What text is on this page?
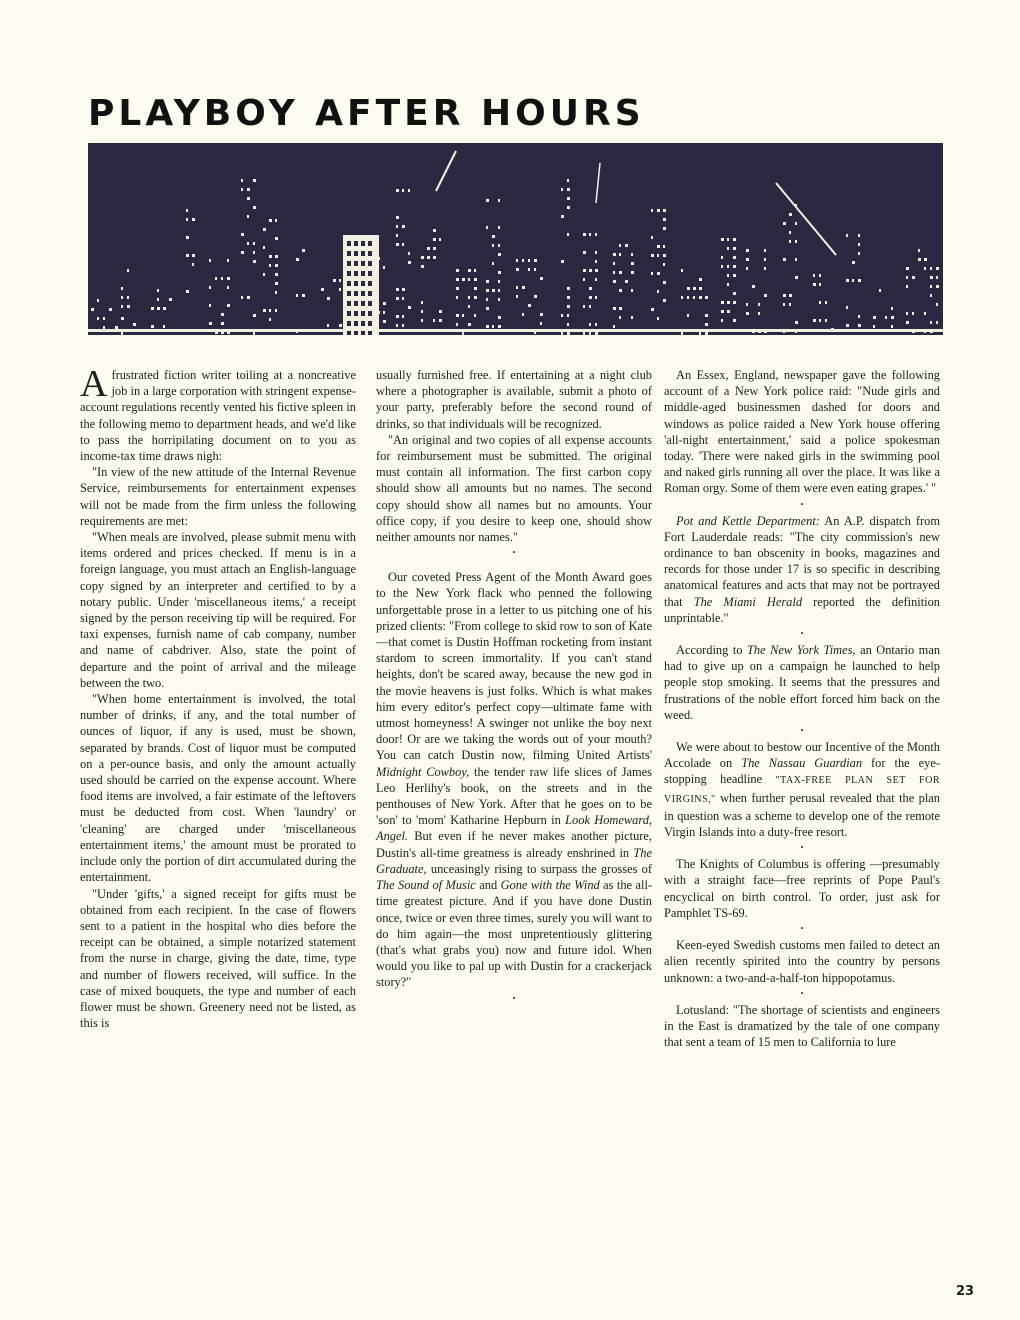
PLAYBOY AFTER HOURS

Afrustrated fiction writer toiling at a noncreative job in a large corporation with stringent expense-account regulations recently vented his fictive spleen in the following memo to department heads, and we'd like to pass the horripilating document on to you as income-tax time draws nigh:

"In view of the new attitude of the Internal Revenue Service, reimbursements for entertainment expenses will not be made from the firm unless the following requirements are met:

"When meals are involved, please submit menu with items ordered and prices checked. If menu is in a foreign language, you must attach an English-language copy signed by an interpreter and certified to by a notary public. Under 'miscellaneous items,' a receipt signed by the person receiving tip will be required. For taxi expenses, furnish name of cab company, number and name of cabdriver. Also, state the point of departure and the point of arrival and the mileage between the two.

"When home entertainment is involved, the total number of drinks, if any, and the total number of ounces of liquor, if any is used, must be shown, separated by brands. Cost of liquor must be computed on a per-ounce basis, and only the amount actually used should be carried on the expense account. Where food items are involved, a fair estimate of the leftovers must be deducted from cost. When 'laundry' or 'cleaning' are charged under 'miscellaneous entertainment items,' the amount must be prorated to include only the portion of dirt accumulated during the entertainment.

"Under 'gifts,' a signed receipt for gifts must be obtained from each recipient. In the case of flowers sent to a patient in the hospital who dies before the receipt can be obtained, a simple notarized statement from the nurse in charge, giving the date, time, type and number of flowers received, will suffice. In the case of mixed bouquets, the type and number of each flower must be shown. Greenery need not be listed, as this is

usually furnished free. If entertaining at a night club where a photographer is available, submit a photo of your party, preferably before the second round of drinks, so that individuals will be recognized.

"An original and two copies of all expense accounts for reimbursement must be submitted. The original must contain all information. The first carbon copy should show all amounts but no names. The second copy should show all names but no amounts. Your office copy, if you desire to keep one, should show neither amounts nor names."

•

Our coveted Press Agent of the Month Award goes to the New York flack who penned the following unforgettable prose in a letter to us pitching one of his prized clients: "From college to skid row to son of Kate—that comet is Dustin Hoffman rocketing from instant stardom to screen immortality. If you can't stand heights, don't be scared away, because the new god in the movie heavens is just folks. Which is what makes him every editor's perfect copy—ultimate fame with utmost homeyness! A swinger not unlike the boy next door! Or are we taking the words out of your mouth? You can catch Dustin now, filming United Artists' Midnight Cowboy, the tender raw life slices of James Leo Herlihy's book, on the streets and in the penthouses of New York. After that he goes on to be 'son' to 'mom' Katharine Hepburn in Look Homeward, Angel. But even if he never makes another picture, Dustin's all-time greatness is already enshrined in The Graduate, unceasingly rising to surpass the grosses of The Sound of Music and Gone with the Wind as the all-time greatest picture. And if you have done Dustin once, twice or even three times, surely you will want to do him again—the most unpretentiously glittering (that's what grabs you) now and future idol. When would you like to pal up with Dustin for a crackerjack story?"

•

An Essex, England, newspaper gave the following account of a New York police raid: "Nude girls and middle-aged businessmen dashed for doors and windows as police raided a New York house offering 'all-night entertainment,' said a police spokesman today. 'There were naked girls in the swimming pool and naked girls running all over the place. It was like a Roman orgy. Some of them were even eating grapes.' "

•

Pot and Kettle Department: An A.P. dispatch from Fort Lauderdale reads: "The city commission's new ordinance to ban obscenity in books, magazines and records for those under 17 is so specific in describing anatomical features and acts that may not be portrayed that The Miami Herald reported the definition unprintable."

•

According to The New York Times, an Ontario man had to give up on a campaign he launched to help people stop smoking. It seems that the pressures and frustrations of the noble effort forced him back on the weed.

•

We were about to bestow our Incentive of the Month Accolade on The Nassau Guardian for the eye-stopping headline "TAX-FREE PLAN SET FOR VIRGINS," when further perusal revealed that the plan in question was a scheme to develop one of the remote Virgin Islands into a duty-free resort.

•

The Knights of Columbus is offering —presumably with a straight face—free reprints of Pope Paul's encyclical on birth control. To order, just ask for Pamphlet TS-69.

•

Keen-eyed Swedish customs men failed to detect an alien recently spirited into the country by persons unknown: a two-and-a-half-ton hippopotamus.

•

Lotusland: "The shortage of scientists and engineers in the East is dramatized by the tale of one company that sent a team of 15 men to California to lure

23
